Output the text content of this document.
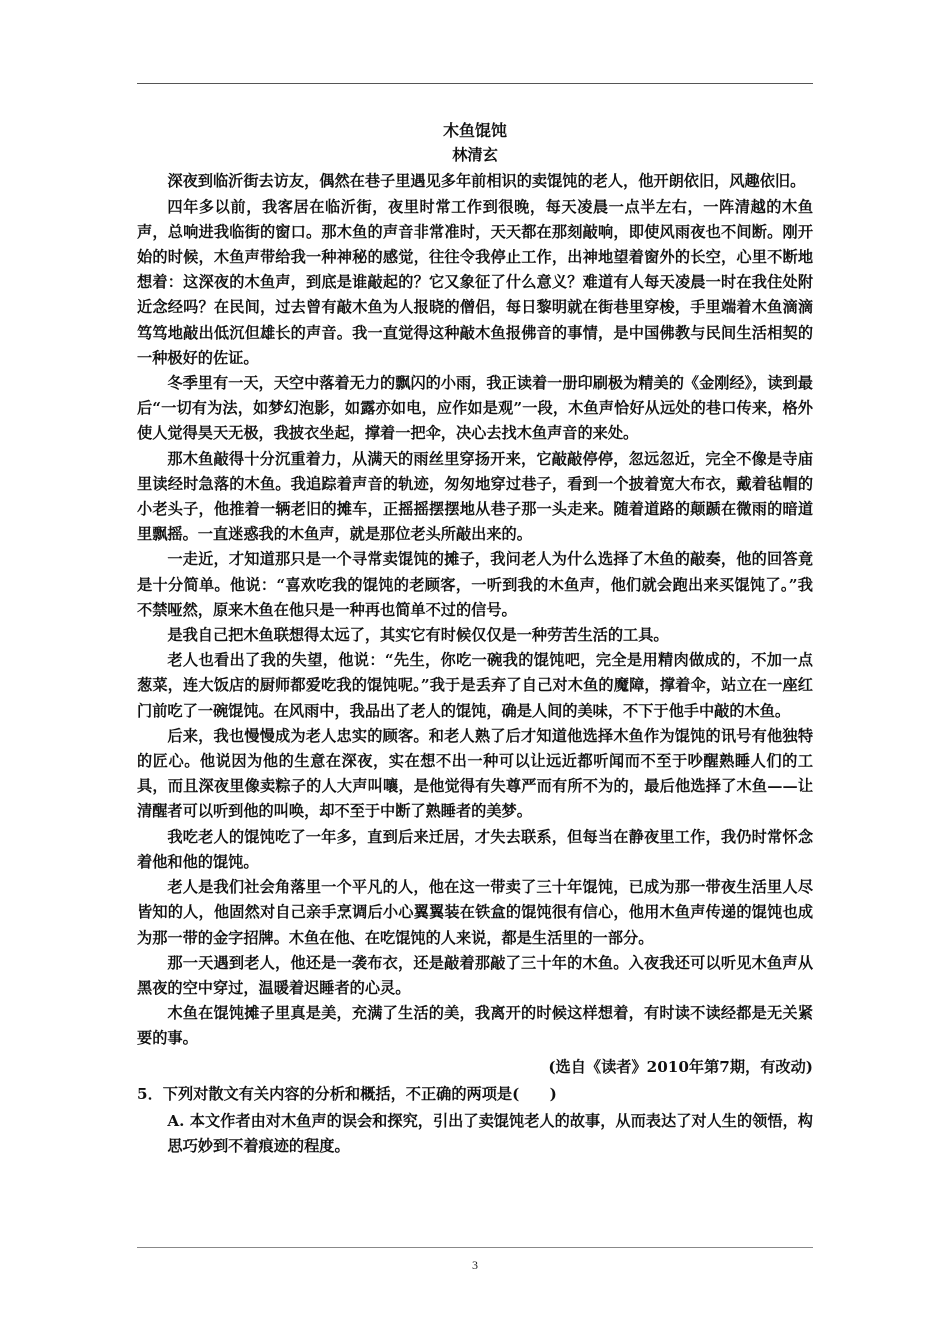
木鱼馄饨

林清玄

深夜到临沂街去访友，偶然在巷子里遇见多年前相识的卖馄饨的老人，他开朗依旧，风趣依旧。

四年多以前，我客居在临沂街，夜里时常工作到很晚，每天凌晨一点半左右，一阵清越的木鱼声，总响进我临街的窗口。那木鱼的声音非常准时，天天都在那刻敲响，即使风雨夜也不间断。刚开始的时候，木鱼声带给我一种神秘的感觉，往往令我停止工作，出神地望着窗外的长空，心里不断地想着：这深夜的木鱼声，到底是谁敲起的？它又象征了什么意义？难道有人每天凌晨一时在我住处附近念经吗？在民间，过去曾有敲木鱼为人报晓的僧侣，每日黎明就在街巷里穿梭，手里端着木鱼滴滴笃笃地敲出低沉但雄长的声音。我一直觉得这种敲木鱼报佛音的事情，是中国佛教与民间生活相契的一种极好的佐证。

冬季里有一天，天空中落着无力的飘闪的小雨，我正读着一册印刷极为精美的《金刚经》，读到最后“一切有为法，如梦幻泡影，如露亦如电，应作如是观”一段，木鱼声恰好从远处的巷口传来，格外使人觉得昊天无极，我披衣坐起，撑着一把伞，决心去找木鱼声音的来处。

那木鱼敲得十分沉重着力，从满天的雨丝里穿扬开来，它敲敲停停，忽远忽近，完全不像是寺庙里读经时急落的木鱼。我追踪着声音的轨迹，匆匆地穿过巷子，看到一个披着宽大布衣，戴着毡帽的小老头子，他推着一辆老旧的摊车，正摇摇摆摆地从巷子那一头走来。随着道路的颠踬在微雨的暗道里飘摇。一直迷惑我的木鱼声，就是那位老头所敲出来的。

一走近，才知道那只是一个寻常卖馄饨的摊子，我问老人为什么选择了木鱼的敲奏，他的回答竟是十分简单。他说：“喜欢吃我的馄饨的老顾客，一听到我的木鱼声，他们就会跑出来买馄饨了。”我不禁哑然，原来木鱼在他只是一种再也简单不过的信号。

是我自己把木鱼联想得太远了，其实它有时候仅仅是一种劳苦生活的工具。

老人也看出了我的失望，他说：“先生，你吃一碗我的馄饨吧，完全是用精肉做成的，不加一点葱菜，连大饭店的厨师都爱吃我的馄饨呢。”我于是丢弃了自己对木鱼的魔障，撑着伞，站立在一座红门前吃了一碗馄饨。在风雨中，我品出了老人的馄饨，确是人间的美味，不下于他手中敲的木鱼。

后来，我也慢慢成为老人忠实的顾客。和老人熟了后才知道他选择木鱼作为馄饨的讯号有他独特的匠心。他说因为他的生意在深夜，实在想不出一种可以让远近都听闻而不至于吵醒熟睡人们的工具，而且深夜里像卖粽子的人大声叫嚷，是他觉得有失尊严而有所不为的，最后他选择了木鱼——让清醒者可以听到他的叫唤，却不至于中断了熟睡者的美梦。

我吃老人的馄饨吃了一年多，直到后来迁居，才失去联系，但每当在静夜里工作，我仍时常怀念着他和他的馄饨。

老人是我们社会角落里一个平凡的人，他在这一带卖了三十年馄饨，已成为那一带夜生活里人尽皆知的人，他固然对自己亲手烹调后小心翼翼装在铁盒的馄饨很有信心，他用木鱼声传递的馄饨也成为那一带的金字招牌。木鱼在他、在吃馄饨的人来说，都是生活里的一部分。

那一天遇到老人，他还是一袭布衣，还是敲着那敲了三十年的木鱼。入夜我还可以听见木鱼声从黑夜的空中穿过，温暖着迟睡者的心灵。

木鱼在馄饨摊子里真是美，充满了生活的美，我离开的时候这样想着，有时读不读经都是无关紧要的事。

(选自《读者》2010年第7期，有改动)

5．下列对散文有关内容的分析和概括，不正确的两项是(　　)

A. 本文作者由对木鱼声的误会和探究，引出了卖馄饨老人的故事，从而表达了对人生的领悟，构思巧妙到不着痕迹的程度。

3
